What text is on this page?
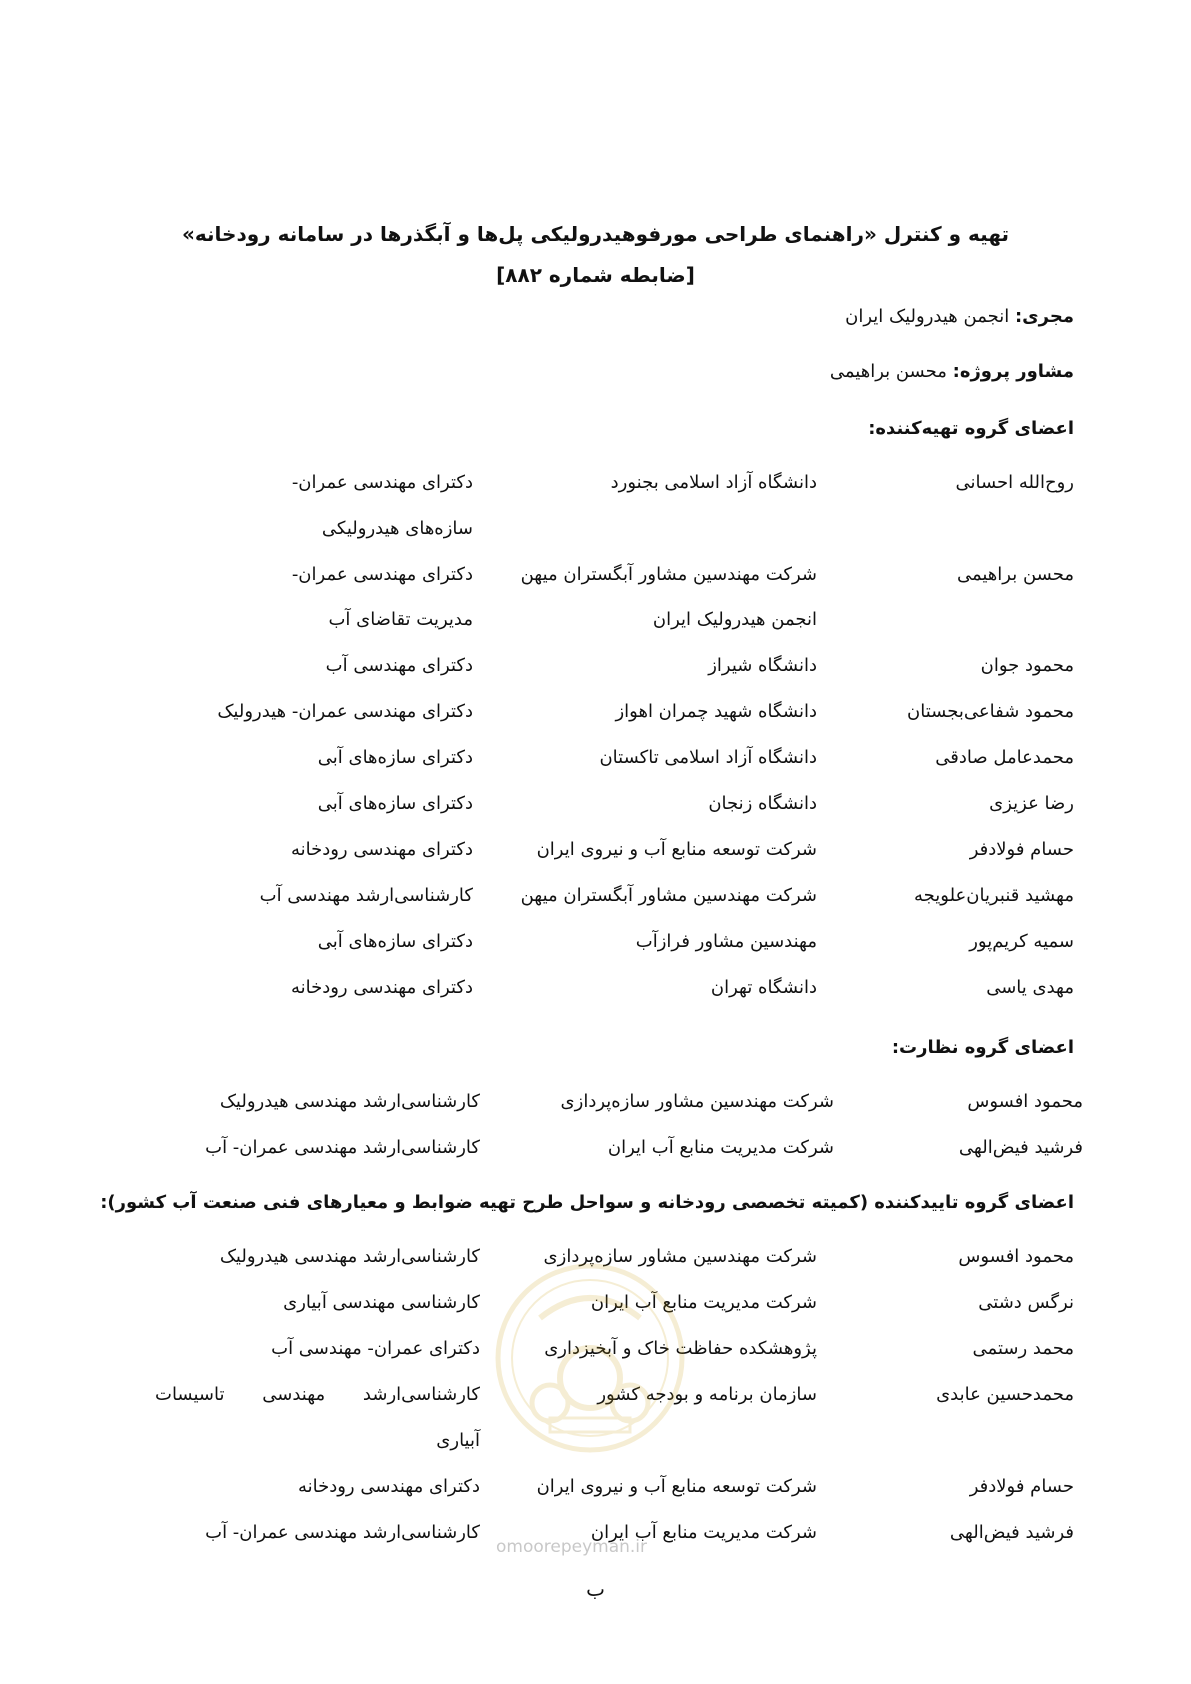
تهیه و کنترل «راهنمای طراحی مورفوهیدرولیکی پل‌ها و آبگذرها در سامانه رودخانه»
[ضابطه شماره ۸۸۲]
مجری: انجمن هیدرولیک ایران
مشاور پروژه: محسن براهیمی
اعضای گروه تهیه‌کننده:
روح‌الله احسانی
دانشگاه آزاد اسلامی بجنورد
دکترای مهندسی عمران-
سازه‌های هیدرولیکی
محسن براهیمی
شرکت مهندسین مشاور آبگستران میهن
دکترای مهندسی عمران-
انجمن هیدرولیک ایران
مدیریت تقاضای آب
محمود جوان
دانشگاه شیراز
دکترای مهندسی آب
محمود شفاعی‌بجستان
دانشگاه شهید چمران اهواز
دکترای مهندسی عمران- هیدرولیک
محمدعامل صادقی
دانشگاه آزاد اسلامی تاکستان
دکترای سازه‌های آبی
رضا عزیزی
دانشگاه زنجان
دکترای سازه‌های آبی
حسام فولادفر
شرکت توسعه منابع آب و نیروی ایران
دکترای مهندسی رودخانه
مهشید قنبریان‌علویجه
شرکت مهندسین مشاور آبگستران میهن
کارشناسی‌ارشد مهندسی آب
سمیه کریم‌پور
مهندسین مشاور فرازآب
دکترای سازه‌های آبی
مهدی یاسی
دانشگاه تهران
دکترای مهندسی رودخانه
اعضای گروه نظارت:
محمود افسوس
شرکت مهندسین مشاور سازه‌پردازی
کارشناسی‌ارشد مهندسی هیدرولیک
فرشید فیض‌الهی
شرکت مدیریت منابع آب ایران
کارشناسی‌ارشد مهندسی عمران- آب
اعضای گروه تاییدکننده (کمیته تخصصی رودخانه و سواحل طرح تهیه ضوابط و معیارهای فنی صنعت آب کشور):
محمود افسوس
شرکت مهندسین مشاور سازه‌پردازی
کارشناسی‌ارشد مهندسی هیدرولیک
نرگس دشتی
شرکت مدیریت منابع آب ایران
کارشناسی مهندسی آبیاری
محمد رستمی
پژوهشکده حفاظت خاک و آبخیزداری
دکترای عمران- مهندسی آب
محمدحسین عابدی
سازمان برنامه و بودجه کشور
کارشناسی‌ارشد مهندسی تاسیسات
آبیاری
حسام فولادفر
شرکت توسعه منابع آب و نیروی ایران
دکترای مهندسی رودخانه
فرشید فیض‌الهی
شرکت مدیریت منابع آب ایران
کارشناسی‌ارشد مهندسی عمران- آب
omoorepeyman.ir
ب
